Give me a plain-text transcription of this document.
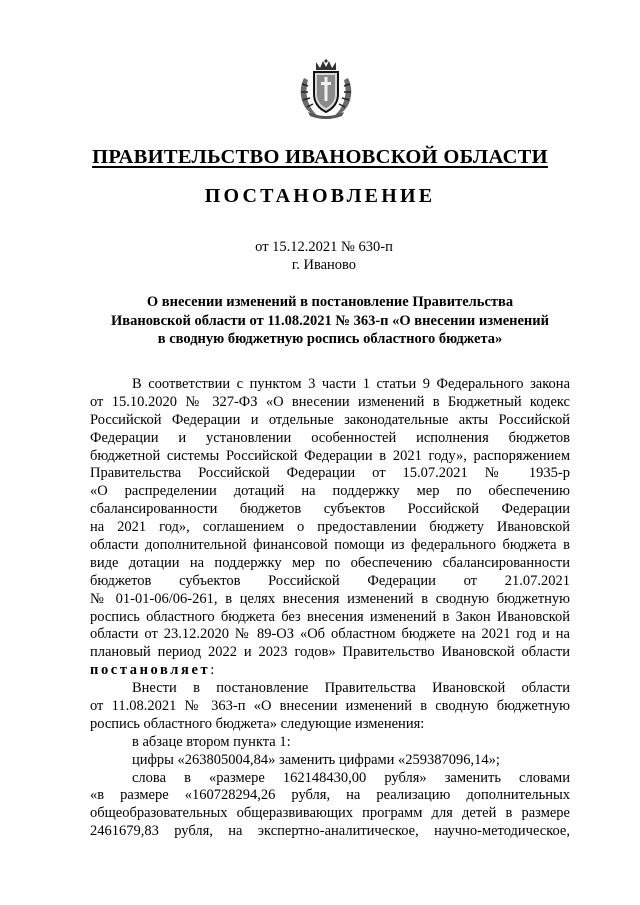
ПРАВИТЕЛЬСТВО ИВАНОВСКОЙ ОБЛАСТИ
ПОСТАНОВЛЕНИЕ
от 15.12.2021 № 630-п
г. Иваново
О внесении изменений в постановление Правительства
Ивановской области от 11.08.2021 № 363-п «О внесении изменений
в сводную бюджетную роспись областного бюджета»
В соответствии с пунктом 3 части 1 статьи 9 Федерального закона
от 15.10.2020 № 327-ФЗ «О внесении изменений в Бюджетный кодекс
Российской Федерации и отдельные законодательные акты Российской
Федерации и установлении особенностей исполнения бюджетов
бюджетной системы Российской Федерации в 2021 году», распоряжением
Правительства Российской Федерации от 15.07.2021 № 1935-р
«О распределении дотаций на поддержку мер по обеспечению
сбалансированности бюджетов субъектов Российской Федерации
на 2021 год», соглашением о предоставлении бюджету Ивановской
области дополнительной финансовой помощи из федерального бюджета в
виде дотации на поддержку мер по обеспечению сбалансированности
бюджетов субъектов Российской Федерации от 21.07.2021
№ 01-01-06/06-261, в целях внесения изменений в сводную бюджетную
роспись областного бюджета без внесения изменений в Закон Ивановской
области от 23.12.2020 № 89-ОЗ «Об областном бюджете на 2021 год и на
плановый период 2022 и 2023 годов» Правительство Ивановской области
постановляет:
Внести в постановление Правительства Ивановской области
от 11.08.2021 № 363-п «О внесении изменений в сводную бюджетную
роспись областного бюджета» следующие изменения:
в абзаце втором пункта 1:
цифры «263805004,84» заменить цифрами «259387096,14»;
слова в «размере 162148430,00 рубля» заменить словами
«в размере «160728294,26 рубля, на реализацию дополнительных
общеобразовательных общеразвивающих программ для детей в размере
2461679,83 рубля, на экспертно-аналитическое, научно-методическое,
